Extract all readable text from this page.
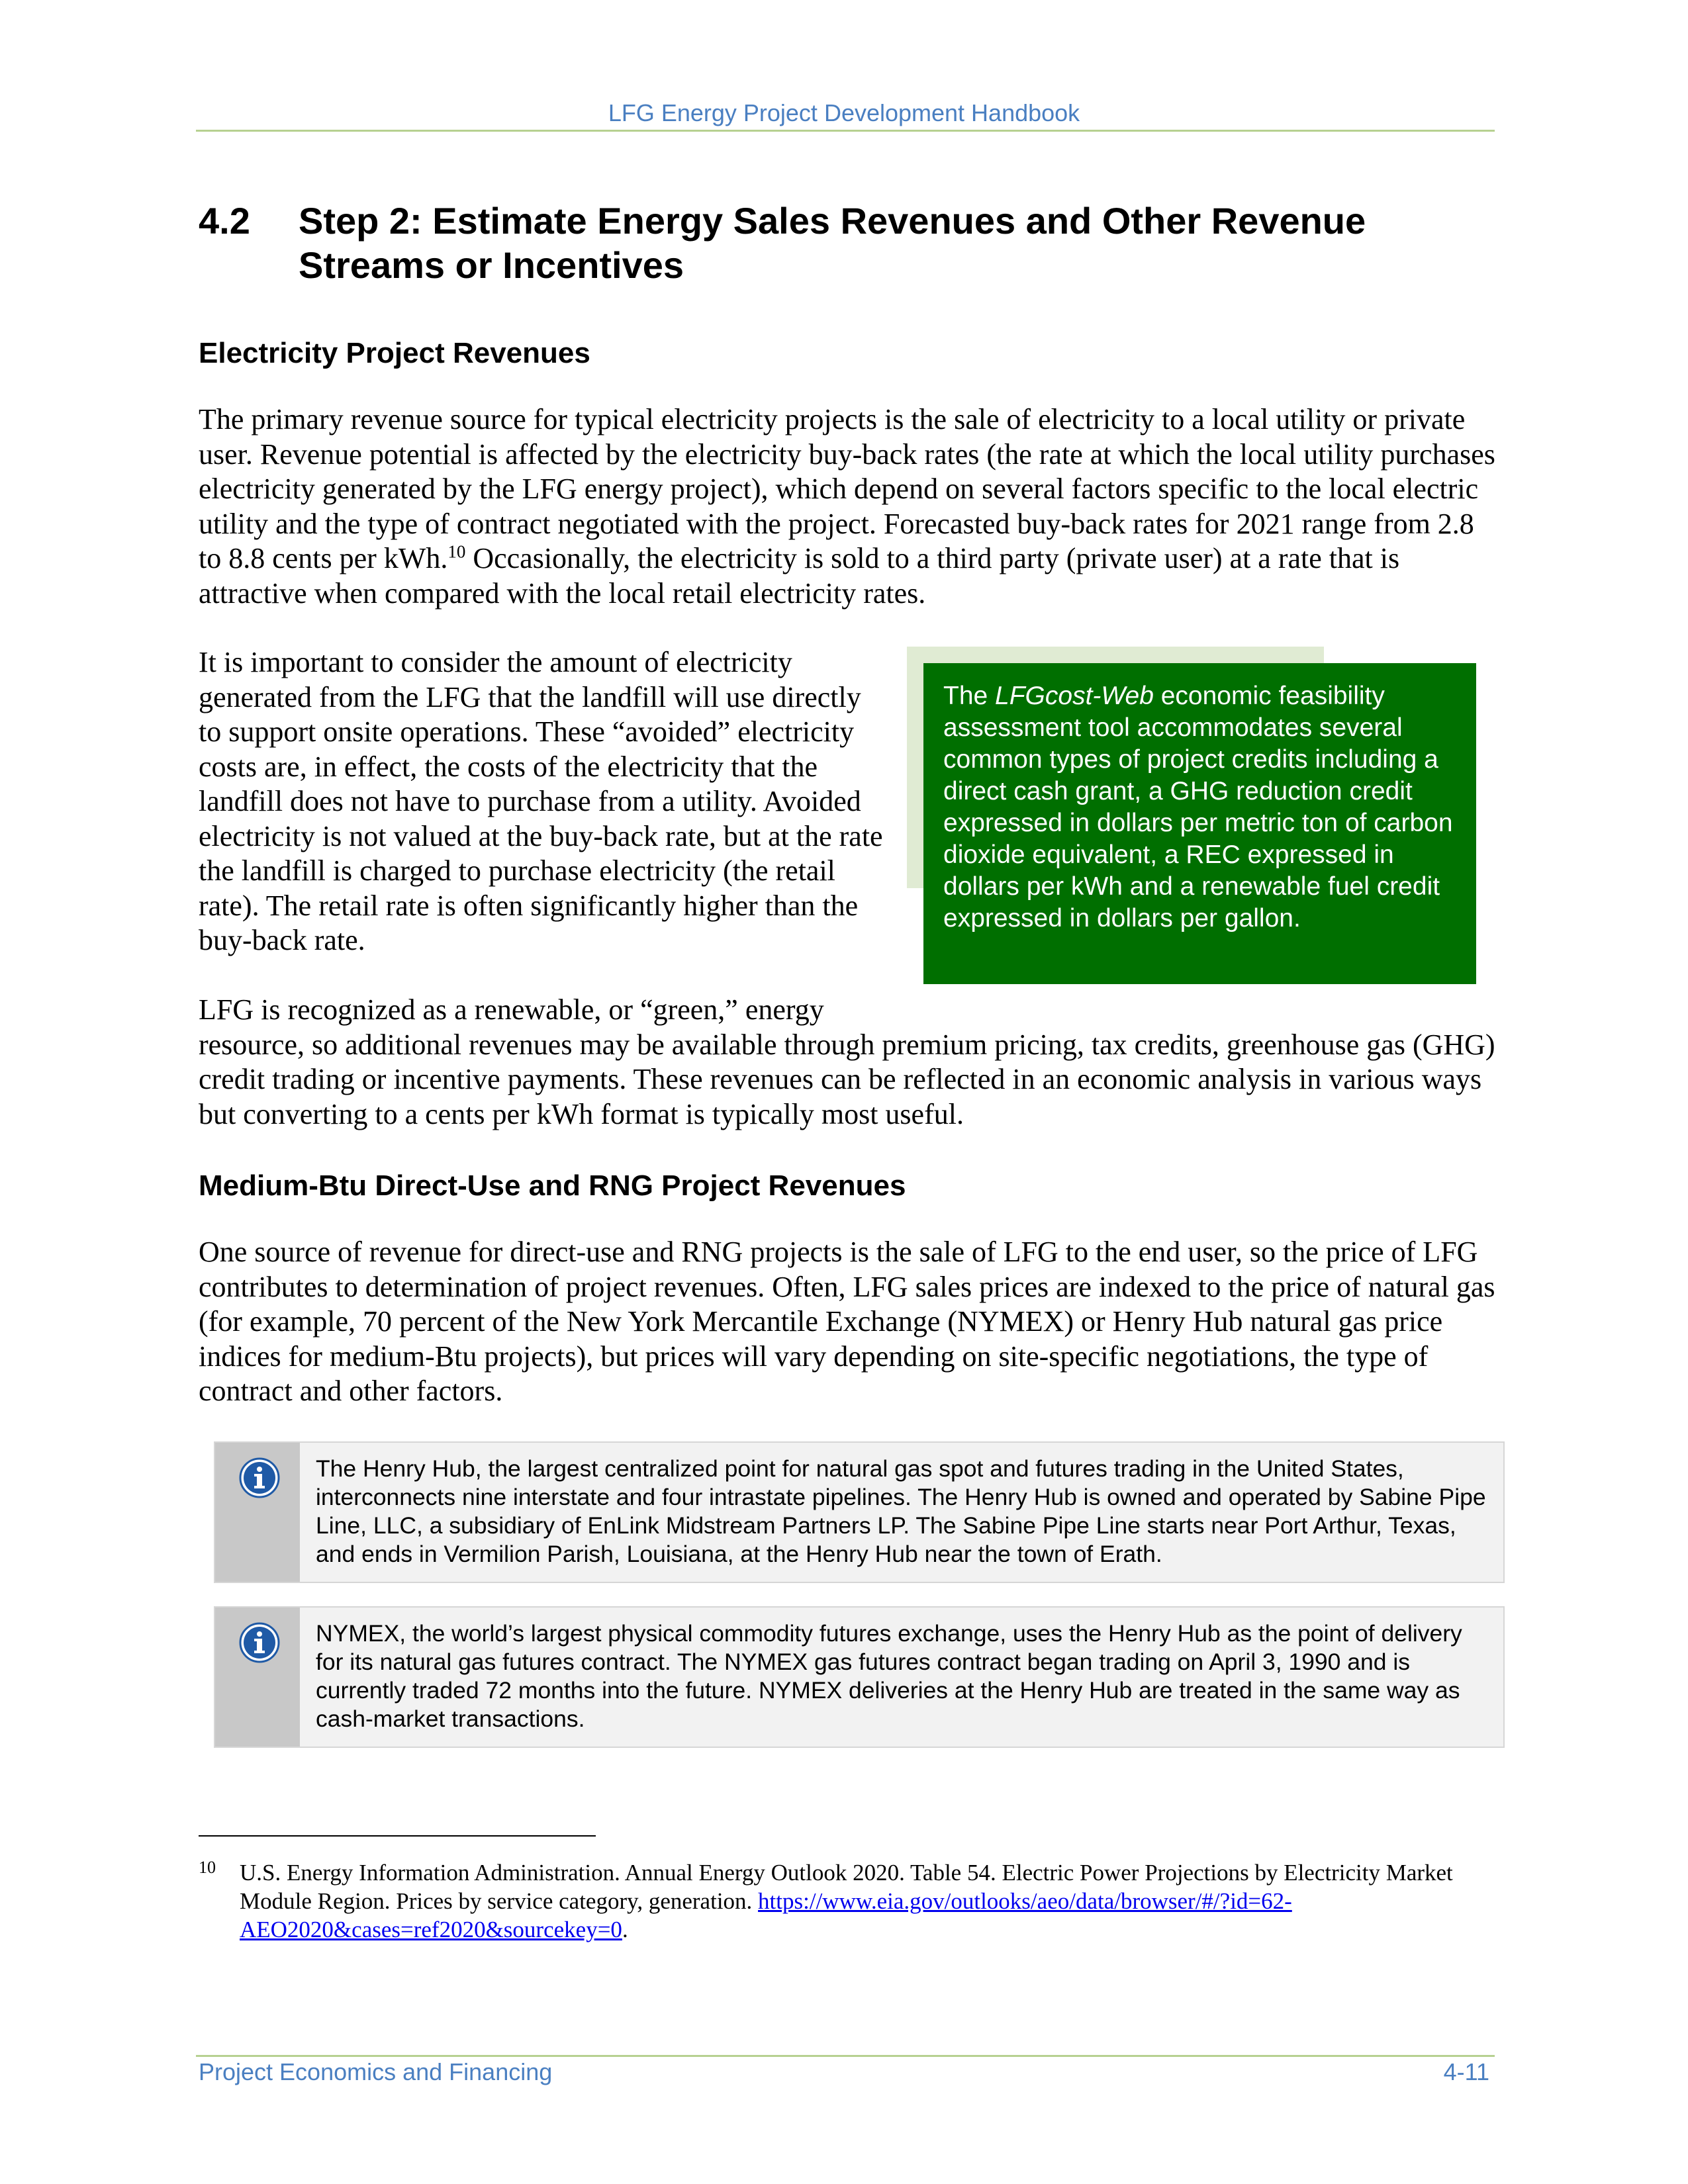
LFG Energy Project Development Handbook
4.2 Step 2: Estimate Energy Sales Revenues and Other Revenue Streams or Incentives
Electricity Project Revenues

The primary revenue source for typical electricity projects is the sale of electricity to a local utility or private user. Revenue potential is affected by the electricity buy-back rates (the rate at which the local utility purchases electricity generated by the LFG energy project), which depend on several factors specific to the local electric utility and the type of contract negotiated with the project. Forecasted buy-back rates for 2021 range from 2.8 to 8.8 cents per kWh.$^{10}$ Occasionally, the electricity is sold to a third party (private user) at a rate that is attractive when compared with the local retail electricity rates.

It is important to consider the amount of electricity generated from the LFG that the landfill will use directly to support onsite operations. These “avoided” electricity costs are, in effect, the costs of the electricity that the landfill does not have to purchase from a utility. Avoided electricity is not valued at the buy-back rate, but at the rate the landfill is charged to purchase electricity (the retail rate). The retail rate is often significantly higher than the buy-back rate.

The LFGcost-Web economic feasibility assessment tool accommodates several common types of project credits including a direct cash grant, a GHG reduction credit expressed in dollars per metric ton of carbon dioxide equivalent, a REC expressed in dollars per kWh and a renewable fuel credit expressed in dollars per gallon.

LFG is recognized as a renewable, or “green,” energy
resource, so additional revenues may be available through premium pricing, tax credits, greenhouse gas (GHG) credit trading or incentive payments. These revenues can be reflected in an economic analysis in various ways but converting to a cents per kWh format is typically most useful.

Medium-Btu Direct-Use and RNG Project Revenues

One source of revenue for direct-use and RNG projects is the sale of LFG to the end user, so the price of LFG contributes to determination of project revenues. Often, LFG sales prices are indexed to the price of natural gas (for example, 70 percent of the New York Mercantile Exchange (NYMEX) or Henry Hub natural gas price indices for medium-Btu projects), but prices will vary depending on site-specific negotiations, the type of contract and other factors.

The Henry Hub, the largest centralized point for natural gas spot and futures trading in the United States, interconnects nine interstate and four intrastate pipelines. The Henry Hub is owned and operated by Sabine Pipe Line, LLC, a subsidiary of EnLink Midstream Partners LP. The Sabine Pipe Line starts near Port Arthur, Texas, and ends in Vermilion Parish, Louisiana, at the Henry Hub near the town of Erath.
NYMEX, the world’s largest physical commodity futures exchange, uses the Henry Hub as the point of delivery for its natural gas futures contract. The NYMEX gas futures contract began trading on April 3, 1990 and is currently traded 72 months into the future. NYMEX deliveries at the Henry Hub are treated in the same way as cash-market transactions.
10 U.S. Energy Information Administration. Annual Energy Outlook 2020. Table 54. Electric Power Projections by Electricity Market Module Region. Prices by service category, generation. https://www.eia.gov/outlooks/aeo/data/browser/#/?id=62-AEO2020&cases=ref2020&sourcekey=0.
Project Economics and Financing	4-11
